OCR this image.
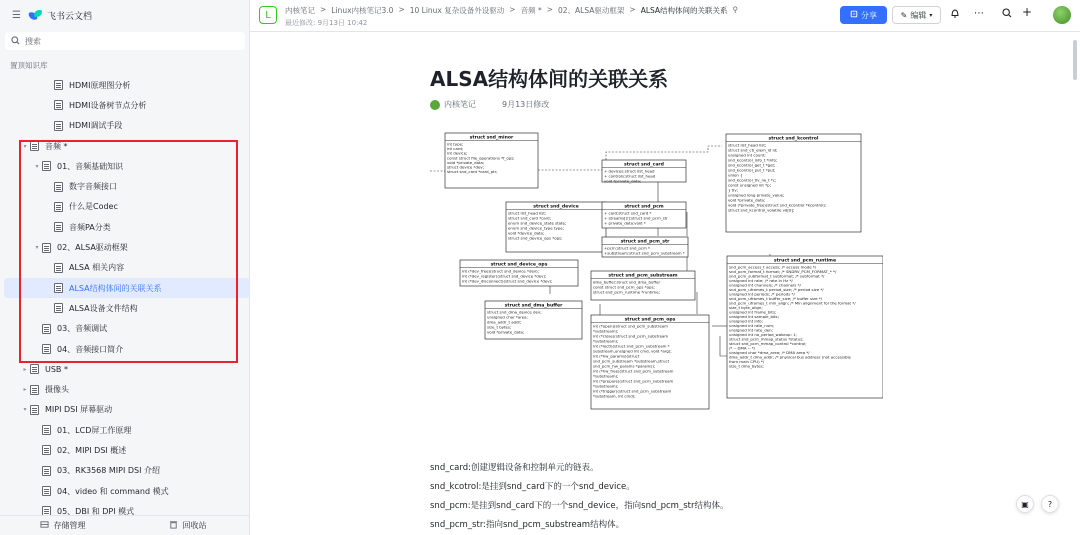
☰	飞书云文档
搜索
置顶知识库
HDMI原理图分析
HDMI设备树节点分析
HDMI调试手段
▾	音频 *
▾	01、音频基础知识
数字音频接口
什么是Codec
音频PA分类
▾	02、ALSA驱动框架
ALSA 相关内容
ALSA结构体间的关联关系
ALSA设备文件结构
03、音频调试
04、音频接口简介
▸	USB *
▸	摄像头
▾	MIPI DSI 屏幕驱动
01、LCD屏工作原理
02、MIPI DSI 概述
03、RK3568 MIPI DSI 介绍
04、video 和 command 模式
05、DBI 和 DPI 模式
存储管理	回收站
L	内核笔记 > Linux内核笔记3.0 > 10 Linux 复杂设备外设驱动 > 音频 * > 02、ALSA驱动框架 > ALSA结构体间的关联关系 ⚲
最近修改: 9月13日 10:42
分享	✎ 编辑 ▾	⋯	+
ALSA结构体间的关联关系
内核笔记	9月13日修改
struct snd_minor
int type;
int card;
int device;
const struct file_operations *f_ops;
void *private_data;
struct device *dev;
struct snd_card *card_ptr;
struct snd_card
+ devices:struct list_head
+ controls:struct list_head
void *private_data;
struct snd_kcontrol
struct list_head list;
struct snd_ctl_elem_id id;
unsigned int count;
snd_kcontrol_info_t *info;
snd_kcontrol_get_t *get;
snd_kcontrol_put_t *put;
union {
snd_kcontrol_tlv_rw_t *c;
const unsigned int *p;
} tlv;
unsigned long private_value;
void *private_data;
void (*private_free)(struct snd_kcontrol *kcontrol);
struct snd_kcontrol_volatile vd[0];
struct snd_device
struct list_head list;
struct snd_card *card;
enum snd_device_state state;
enum snd_device_type type;
void *device_data;
struct snd_device_ops *ops;
struct snd_pcm
+ card:struct snd_card *
+ streams[2]:struct snd_pcm_str
+ private_data:void *
struct snd_pcm_str
+pcm:struct snd_pcm *
+substream:struct snd_pcm_substream *
struct snd_device_ops
int (*dev_free)(struct snd_device *dev);
int (*dev_register)(struct snd_device *dev);
int (*dev_disconnect)(struct snd_device *dev);
struct snd_pcm_substream
dma_buffer:struct snd_dma_buffer
const struct snd_pcm_ops *ops;
struct snd_pcm_runtime *runtime;
struct snd_pcm_runtime
snd_pcm_access_t access; /* access mode */
snd_pcm_format_t format; /* SNDRV_PCM_FORMAT_* */
snd_pcm_subformat_t subformat; /* subformat */
unsigned int rate; /* rate in Hz */
unsigned int channels; /* channels */
snd_pcm_uframes_t period_size; /* period size */
unsigned int periods; /* periods */
snd_pcm_uframes_t buffer_size; /* buffer size */
snd_pcm_uframes_t min_align; /* Min alignment for the format */
size_t byte_align;
unsigned int frame_bits;
unsigned int sample_bits;
unsigned int info;
unsigned int rate_num;
unsigned int rate_den;
unsigned int no_period_wakeup: 1;
struct snd_pcm_mmap_status *status;
struct snd_pcm_mmap_control *control;
/* -- DMA -- */
unsigned char *dma_area; /* DMA area */
dma_addr_t dma_addr; /* physical bus address (not accessible
from main CPU) */
size_t dma_bytes;
struct snd_dma_buffer
struct snd_dma_device dev;
unsigned char *area;
dma_addr_t addr;
size_t bytes;
void *private_data;
struct snd_pcm_ops
int (*open)(struct snd_pcm_substream
*substream);
int (*close)(struct snd_pcm_substream
*substream);
int (*ioctl)(struct snd_pcm_substream *
substream,unsigned int cmd, void *arg);
int (*hw_params)(struct
snd_pcm_substream *substream,struct
snd_pcm_hw_params *params);
int (*hw_free)(struct snd_pcm_substream
*substream);
int (*prepare)(struct snd_pcm_substream
*substream);
int (*trigger)(struct snd_pcm_substream
*substream, int cmd);
snd_card:创建逻辑设备和控制单元的链表。
snd_kcotrol:是挂到snd_card下的一个snd_device。
snd_pcm:是挂到snd_card下的一个snd_device，指向snd_pcm_str结构体。
snd_pcm_str:指向snd_pcm_substream结构体。
▣	?
